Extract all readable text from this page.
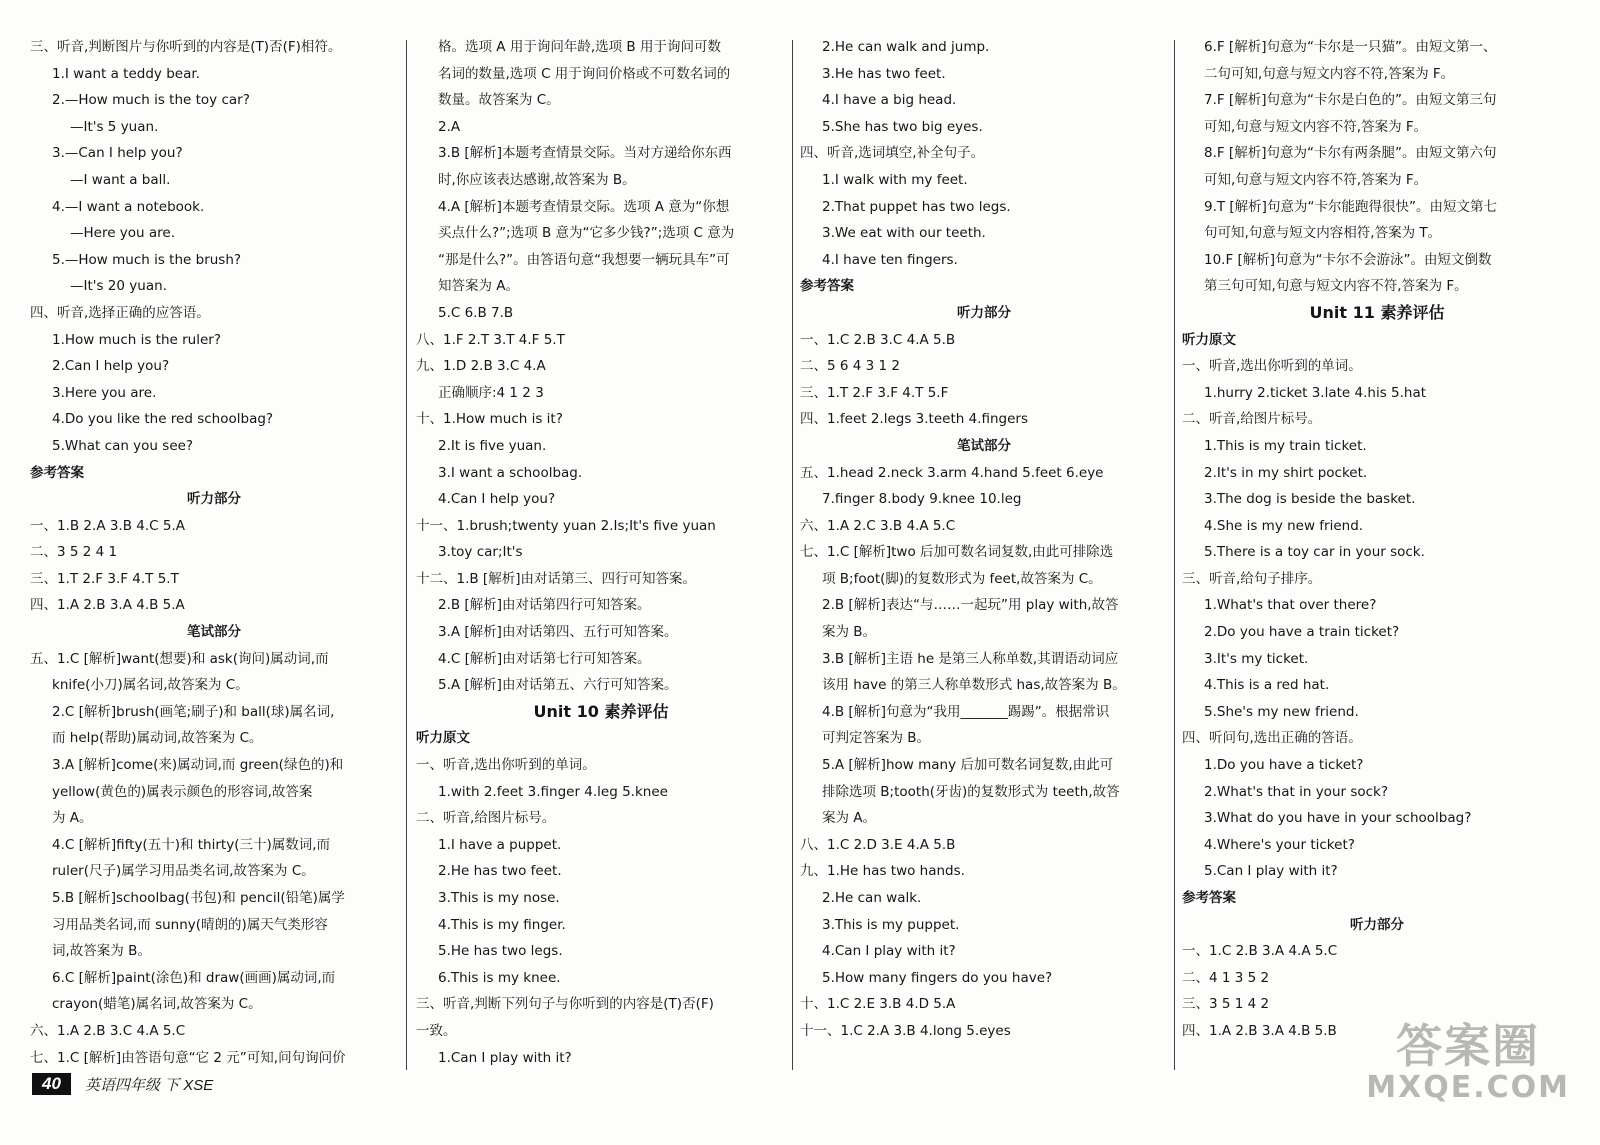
三、听音,判断图片与你听到的内容是(T)否(F)相符。
1.I want a teddy bear.
2.—How much is the toy car?
—It's 5 yuan.
3.—Can I help you?
—I want a ball.
4.—I want a notebook.
—Here you are.
5.—How much is the brush?
—It's 20 yuan.
四、听音,选择正确的应答语。
1.How much is the ruler?
2.Can I help you?
3.Here you are.
4.Do you like the red schoolbag?
5.What can you see?
参考答案
听力部分
一、1.B 2.A 3.B 4.C 5.A
二、3 5 2 4 1
三、1.T 2.F 3.F 4.T 5.T
四、1.A 2.B 3.A 4.B 5.A
笔试部分
五、1.C [解析]want(想要)和 ask(询问)属动词,而
knife(小刀)属名词,故答案为 C。
2.C [解析]brush(画笔;刷子)和 ball(球)属名词,
而 help(帮助)属动词,故答案为 C。
3.A [解析]come(来)属动词,而 green(绿色的)和
yellow(黄色的)属表示颜色的形容词,故答案
为 A。
4.C [解析]fifty(五十)和 thirty(三十)属数词,而
ruler(尺子)属学习用品类名词,故答案为 C。
5.B [解析]schoolbag(书包)和 pencil(铅笔)属学
习用品类名词,而 sunny(晴朗的)属天气类形容
词,故答案为 B。
6.C [解析]paint(涂色)和 draw(画画)属动词,而
crayon(蜡笔)属名词,故答案为 C。
六、1.A 2.B 3.C 4.A 5.C
七、1.C [解析]由答语句意“它 2 元”可知,问句询问价
格。选项 A 用于询问年龄,选项 B 用于询问可数
名词的数量,选项 C 用于询问价格或不可数名词的
数量。故答案为 C。
2.A
3.B [解析]本题考查情景交际。当对方递给你东西
时,你应该表达感谢,故答案为 B。
4.A [解析]本题考查情景交际。选项 A 意为“你想
买点什么?”;选项 B 意为“它多少钱?”;选项 C 意为
“那是什么?”。由答语句意“我想要一辆玩具车”可
知答案为 A。
5.C 6.B 7.B
八、1.F 2.T 3.T 4.F 5.T
九、1.D 2.B 3.C 4.A
正确顺序:4 1 2 3
十、1.How much is it?
2.It is five yuan.
3.I want a schoolbag.
4.Can I help you?
十一、1.brush;twenty yuan 2.Is;It's five yuan
3.toy car;It's
十二、1.B [解析]由对话第三、四行可知答案。
2.B [解析]由对话第四行可知答案。
3.A [解析]由对话第四、五行可知答案。
4.C [解析]由对话第七行可知答案。
5.A [解析]由对话第五、六行可知答案。
Unit 10 素养评估
听力原文
一、听音,选出你听到的单词。
1.with 2.feet 3.finger 4.leg 5.knee
二、听音,给图片标号。
1.I have a puppet.
2.He has two feet.
3.This is my nose.
4.This is my finger.
5.He has two legs.
6.This is my knee.
三、听音,判断下列句子与你听到的内容是(T)否(F)
一致。
1.Can I play with it?
2.He can walk and jump.
3.He has two feet.
4.I have a big head.
5.She has two big eyes.
四、听音,选词填空,补全句子。
1.I walk with my feet.
2.That puppet has two legs.
3.We eat with our teeth.
4.I have ten fingers.
参考答案
听力部分
一、1.C 2.B 3.C 4.A 5.B
二、5 6 4 3 1 2
三、1.T 2.F 3.F 4.T 5.F
四、1.feet 2.legs 3.teeth 4.fingers
笔试部分
五、1.head 2.neck 3.arm 4.hand 5.feet 6.eye
7.finger 8.body 9.knee 10.leg
六、1.A 2.C 3.B 4.A 5.C
七、1.C [解析]two 后加可数名词复数,由此可排除选
项 B;foot(脚)的复数形式为 feet,故答案为 C。
2.B [解析]表达“与……一起玩”用 play with,故答
案为 B。
3.B [解析]主语 he 是第三人称单数,其谓语动词应
该用 have 的第三人称单数形式 has,故答案为 B。
4.B [解析]句意为“我用_______踢踢”。根据常识
可判定答案为 B。
5.A [解析]how many 后加可数名词复数,由此可
排除选项 B;tooth(牙齿)的复数形式为 teeth,故答
案为 A。
八、1.C 2.D 3.E 4.A 5.B
九、1.He has two hands.
2.He can walk.
3.This is my puppet.
4.Can I play with it?
5.How many fingers do you have?
十、1.C 2.E 3.B 4.D 5.A
十一、1.C 2.A 3.B 4.long 5.eyes
6.F [解析]句意为“卡尔是一只猫”。由短文第一、
二句可知,句意与短文内容不符,答案为 F。
7.F [解析]句意为“卡尔是白色的”。由短文第三句
可知,句意与短文内容不符,答案为 F。
8.F [解析]句意为“卡尔有两条腿”。由短文第六句
可知,句意与短文内容不符,答案为 F。
9.T [解析]句意为“卡尔能跑得很快”。由短文第七
句可知,句意与短文内容相符,答案为 T。
10.F [解析]句意为“卡尔不会游泳”。由短文倒数
第三句可知,句意与短文内容不符,答案为 F。
Unit 11 素养评估
听力原文
一、听音,选出你听到的单词。
1.hurry 2.ticket 3.late 4.his 5.hat
二、听音,给图片标号。
1.This is my train ticket.
2.It's in my shirt pocket.
3.The dog is beside the basket.
4.She is my new friend.
5.There is a toy car in your sock.
三、听音,给句子排序。
1.What's that over there?
2.Do you have a train ticket?
3.It's my ticket.
4.This is a red hat.
5.She's my new friend.
四、听问句,选出正确的答语。
1.Do you have a ticket?
2.What's that in your sock?
3.What do you have in your schoolbag?
4.Where's your ticket?
5.Can I play with it?
参考答案
听力部分
一、1.C 2.B 3.A 4.A 5.C
二、4 1 3 5 2
三、3 5 1 4 2
四、1.A 2.B 3.A 4.B 5.B
40	英语四年级 下 XSE
答案圈
MXQE.COM
